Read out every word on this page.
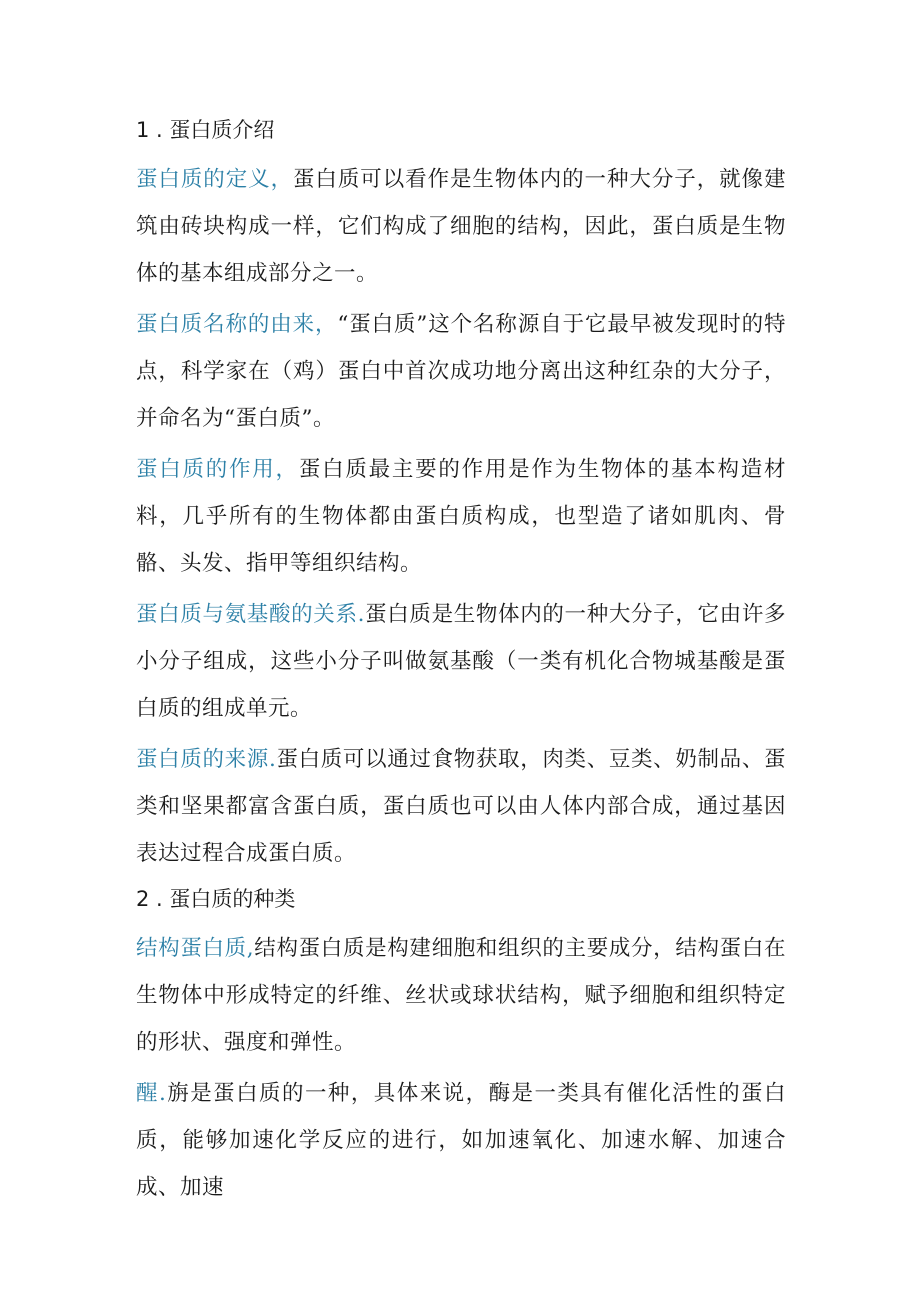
1 . 蛋白质介绍

蛋白质的定义，蛋白质可以看作是生物体内的一种大分子，就像建筑由砖块构成一样，它们构成了细胞的结构，因此，蛋白质是生物体的基本组成部分之一。

蛋白质名称的由来，“蛋白质”这个名称源自于它最早被发现时的特点，科学家在（鸡）蛋白中首次成功地分离出这种红杂的大分子，并命名为“蛋白质”。

蛋白质的作用，蛋白质最主要的作用是作为生物体的基本构造材料，几乎所有的生物体都由蛋白质构成，也型造了诸如肌肉、骨骼、头发、指甲等组织结构。

蛋白质与氨基酸的关系.蛋白质是生物体内的一种大分子，它由许多小分子组成，这些小分子叫做氨基酸（一类有机化合物城基酸是蛋白质的组成单元。

蛋白质的来源.蛋白质可以通过食物获取，肉类、豆类、奶制品、蛋类和坚果都富含蛋白质，蛋白质也可以由人体内部合成，通过基因表达过程合成蛋白质。

2 . 蛋白质的种类

结构蛋白质,结构蛋白质是构建细胞和组织的主要成分，结构蛋白在生物体中形成特定的纤维、丝状或球状结构，赋予细胞和组织特定的形状、强度和弹性。

醒.旃是蛋白质的一种，具体来说，酶是一类具有催化活性的蛋白质，能够加速化学反应的进行，如加速氧化、加速水解、加速合成、加速
